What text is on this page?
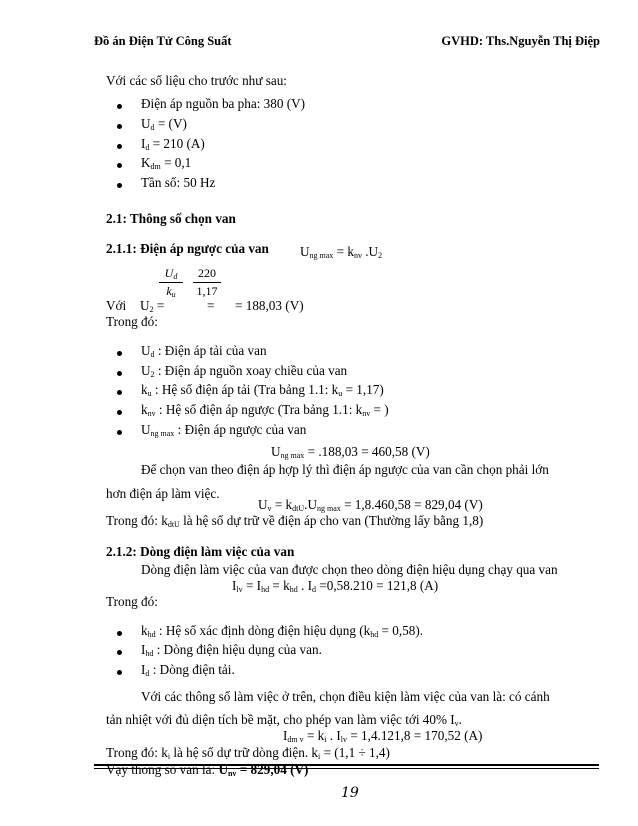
Đồ án Điện Tử Công Suất	GVHD: Ths.Nguyễn Thị Điệp
Với các số liệu cho trước như sau:
Điện áp nguồn ba pha: 380 (V)
$U_d = (V)$
$I_d = 210$ (A)
$K_{dm} = 0,1$
Tần số: 50 Hz
2.1: Thông số chọn van
2.1.1: Điện áp ngược của van $U_{ng max} = k_{nv}$ $.U_2$
$U_d$
$k_u$
220
1,17
Với $U_2$ =	= = 188,03 (V)
Trong đó:
$U_d$ : Điện áp tải của van
$U_2$ : Điện áp nguồn xoay chiều của van
$k_u$ : Hệ số điện áp tải (Tra bảng 1.1: $k_u = 1,17$)
$k_{nv}$ : Hệ số điện áp ngược (Tra bảng 1.1: $k_{nv}$ = )
$U_{ng max}$ : Điện áp ngược của van
$U_{ng max} = .188,03 = 460,58$ (V)
Để chọn van theo điện áp hợp lý thì điện áp ngược của van cần chọn phải lớn
hơn điện áp làm việc.
$U_v = k_{dtU}.U_{ng max} = 1,8.460,58 = 829,04$ (V)
Trong đó: $k_{dtU}$ là hệ số dự trữ về điện áp cho van (Thường lấy bằng 1,8)
2.1.2: Dòng điện làm việc của van
Dòng điện làm việc của van được chọn theo dòng điện hiệu dụng chạy qua van
$I_{lv} = I_{hd} = k_{hd}$ . $I_d =0,58.210 = 121,8$ (A)
Trong đó:
$k_{hd}$ : Hệ số xác định dòng điện hiệu dụng $(k_{hd} = 0,58)$.
$I_{hd}$ : Dòng điện hiệu dụng của van.
$I_d$ : Dòng điện tải.
Với các thông số làm việc ở trên, chọn điều kiện làm việc của van là: có cánh
tản nhiệt với đủ diện tích bề mặt, cho phép van làm việc tới 40% $I_v$.
$I_{dm v} = k_i$ . $I_{lv} = 1,4.121,8 = 170,52$ (A)
Trong đó: $k_i$ là hệ số dự trữ dòng điện. $k_i = (1,1 \div 1,4)$
Vậy thông số van là: $U_{nv} = 829,04$ (V)
19
